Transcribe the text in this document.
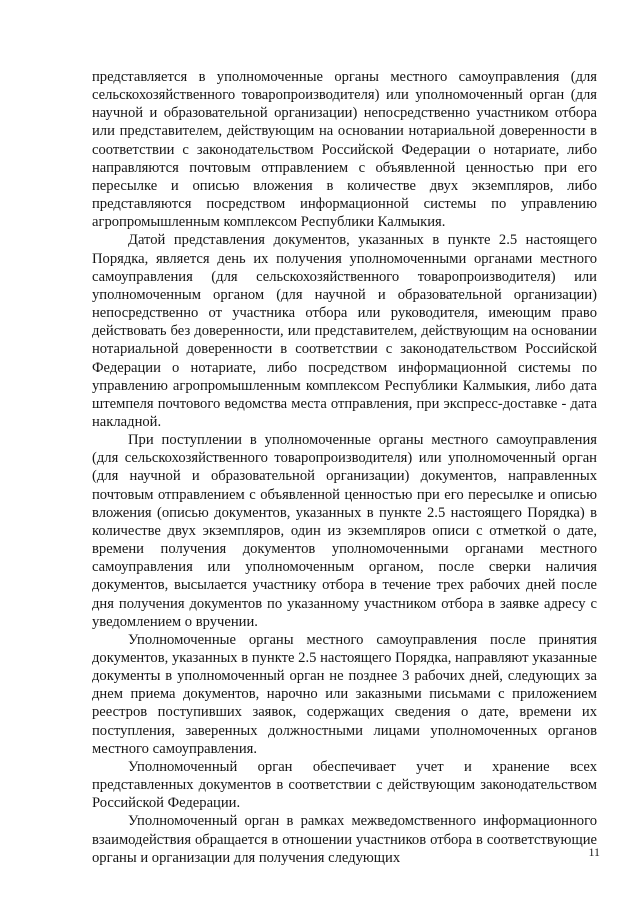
представляется в уполномоченные органы местного самоуправления (для сельскохозяйственного товаропроизводителя) или уполномоченный орган (для научной и образовательной организации) непосредственно участником отбора или представителем, действующим на основании нотариальной доверенности в соответствии с законодательством Российской Федерации о нотариате, либо направляются почтовым отправлением с объявленной ценностью при его пересылке и описью вложения в количестве двух экземпляров, либо представляются посредством информационной системы по управлению агропромышленным комплексом Республики Калмыкия.

Датой представления документов, указанных в пункте 2.5 настоящего Порядка, является день их получения уполномоченными органами местного самоуправления (для сельскохозяйственного товаропроизводителя) или уполномоченным органом (для научной и образовательной организации) непосредственно от участника отбора или руководителя, имеющим право действовать без доверенности, или представителем, действующим на основании нотариальной доверенности в соответствии с законодательством Российской Федерации о нотариате, либо посредством информационной системы по управлению агропромышленным комплексом Республики Калмыкия, либо дата штемпеля почтового ведомства места отправления, при экспресс-доставке - дата накладной.

При поступлении в уполномоченные органы местного самоуправления (для сельскохозяйственного товаропроизводителя) или уполномоченный орган (для научной и образовательной организации) документов, направленных почтовым отправлением с объявленной ценностью при его пересылке и описью вложения (описью документов, указанных в пункте 2.5 настоящего Порядка) в количестве двух экземпляров, один из экземпляров описи с отметкой о дате, времени получения документов уполномоченными органами местного самоуправления или уполномоченным органом, после сверки наличия документов, высылается участнику отбора в течение трех рабочих дней после дня получения документов по указанному участником отбора в заявке адресу с уведомлением о вручении.

Уполномоченные органы местного самоуправления после принятия документов, указанных в пункте 2.5 настоящего Порядка, направляют указанные документы в уполномоченный орган не позднее 3 рабочих дней, следующих за днем приема документов, нарочно или заказными письмами с приложением реестров поступивших заявок, содержащих сведения о дате, времени их поступления, заверенных должностными лицами уполномоченных органов местного самоуправления.

Уполномоченный орган обеспечивает учет и хранение всех представленных документов в соответствии с действующим законодательством Российской Федерации.

Уполномоченный орган в рамках межведомственного информационного взаимодействия обращается в отношении участников отбора в соответствующие органы и организации для получения следующих	11
